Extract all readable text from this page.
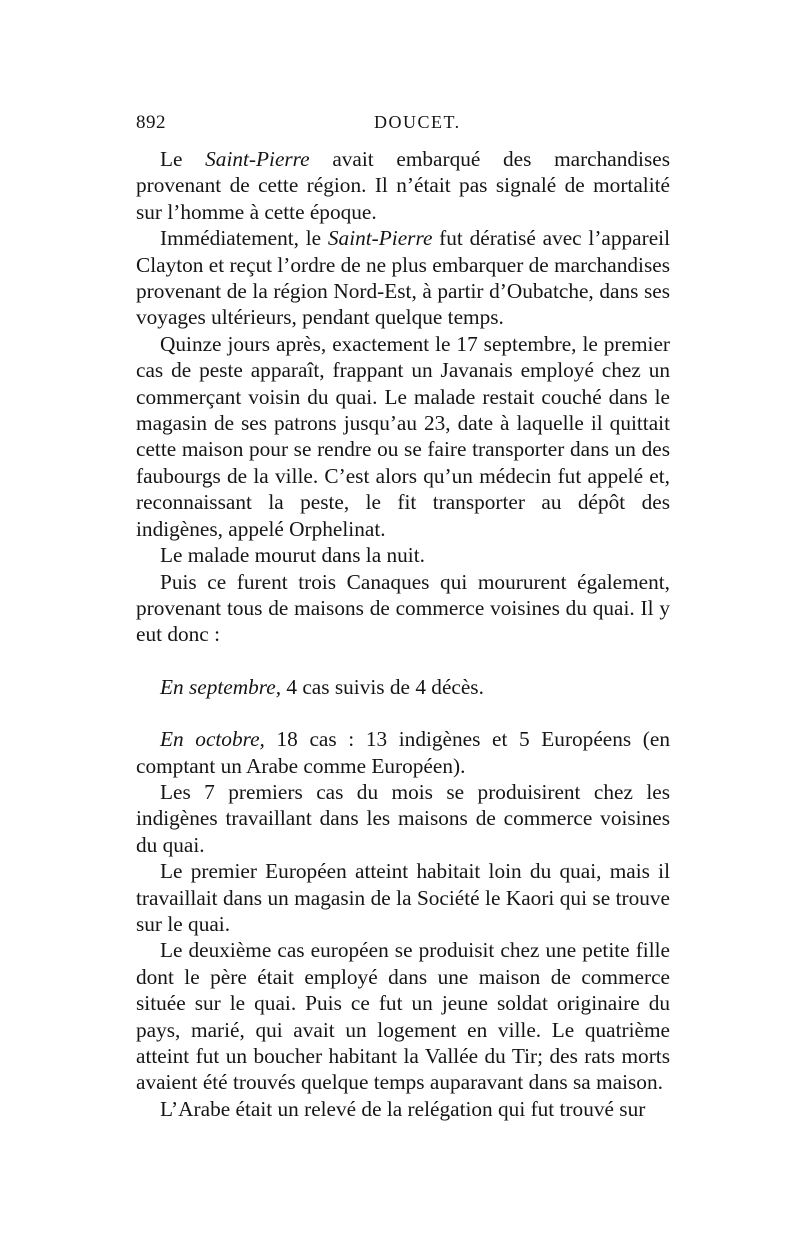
892	DOUCET.

Le Saint-Pierre avait embarqué des marchandises provenant de cette région. Il n’était pas signalé de mortalité sur l’homme à cette époque.

Immédiatement, le Saint-Pierre fut dératisé avec l’appareil Clayton et reçut l’ordre de ne plus embarquer de marchandises provenant de la région Nord-Est, à partir d’Oubatche, dans ses voyages ultérieurs, pendant quelque temps.

Quinze jours après, exactement le 17 septembre, le premier cas de peste apparaît, frappant un Javanais employé chez un commerçant voisin du quai. Le malade restait couché dans le magasin de ses patrons jusqu’au 23, date à laquelle il quittait cette maison pour se rendre ou se faire transporter dans un des faubourgs de la ville. C’est alors qu’un médecin fut appelé et, reconnaissant la peste, le fit transporter au dépôt des indigènes, appelé Orphelinat.

Le malade mourut dans la nuit.

Puis ce furent trois Canaques qui moururent également, provenant tous de maisons de commerce voisines du quai. Il y eut donc :

En septembre, 4 cas suivis de 4 décès.

En octobre, 18 cas : 13 indigènes et 5 Européens (en comptant un Arabe comme Européen).

Les 7 premiers cas du mois se produisirent chez les indigènes travaillant dans les maisons de commerce voisines du quai.

Le premier Européen atteint habitait loin du quai, mais il travaillait dans un magasin de la Société le Kaori qui se trouve sur le quai.

Le deuxième cas européen se produisit chez une petite fille dont le père était employé dans une maison de commerce située sur le quai. Puis ce fut un jeune soldat originaire du pays, marié, qui avait un logement en ville. Le quatrième atteint fut un boucher habitant la Vallée du Tir; des rats morts avaient été trouvés quelque temps auparavant dans sa maison.

L’Arabe était un relevé de la relégation qui fut trouvé sur
